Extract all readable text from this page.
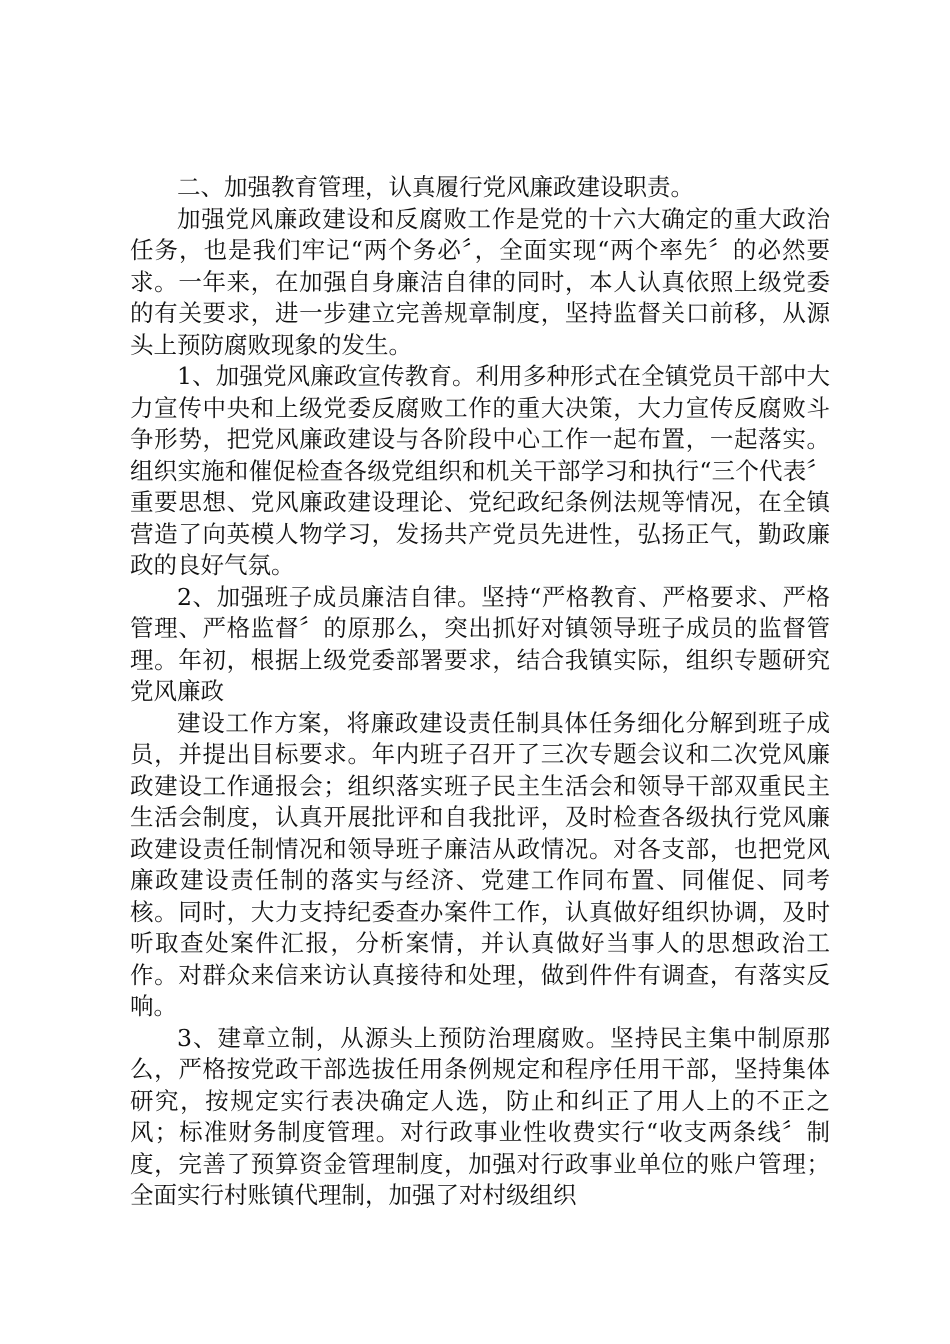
二、加强教育管理，认真履行党风廉政建设职责。

加强党风廉政建设和反腐败工作是党的十六大确定的重大政治任务，也是我们牢记“两个务必〞，全面实现“两个率先〞的必然要求。一年来，在加强自身廉洁自律的同时，本人认真依照上级党委的有关要求，进一步建立完善规章制度，坚持监督关口前移，从源头上预防腐败现象的发生。

1、加强党风廉政宣传教育。利用多种形式在全镇党员干部中大力宣传中央和上级党委反腐败工作的重大决策，大力宣传反腐败斗争形势，把党风廉政建设与各阶段中心工作一起布置，一起落实。组织实施和催促检查各级党组织和机关干部学习和执行“三个代表〞重要思想、党风廉政建设理论、党纪政纪条例法规等情况，在全镇营造了向英模人物学习，发扬共产党员先进性，弘扬正气，勤政廉政的良好气氛。

2、加强班子成员廉洁自律。坚持“严格教育、严格要求、严格管理、严格监督〞的原那么，突出抓好对镇领导班子成员的监督管理。年初，根据上级党委部署要求，结合我镇实际，组织专题研究党风廉政

建设工作方案，将廉政建设责任制具体任务细化分解到班子成员，并提出目标要求。年内班子召开了三次专题会议和二次党风廉政建设工作通报会；组织落实班子民主生活会和领导干部双重民主生活会制度，认真开展批评和自我批评，及时检查各级执行党风廉政建设责任制情况和领导班子廉洁从政情况。对各支部，也把党风廉政建设责任制的落实与经济、党建工作同布置、同催促、同考核。同时，大力支持纪委查办案件工作，认真做好组织协调，及时听取查处案件汇报，分析案情，并认真做好当事人的思想政治工作。对群众来信来访认真接待和处理，做到件件有调查，有落实反响。

3、建章立制，从源头上预防治理腐败。坚持民主集中制原那么，严格按党政干部选拔任用条例规定和程序任用干部，坚持集体研究，按规定实行表决确定人选，防止和纠正了用人上的不正之风；标准财务制度管理。对行政事业性收费实行“收支两条线〞制度，完善了预算资金管理制度，加强对行政事业单位的账户管理；全面实行村账镇代理制，加强了对村级组织
